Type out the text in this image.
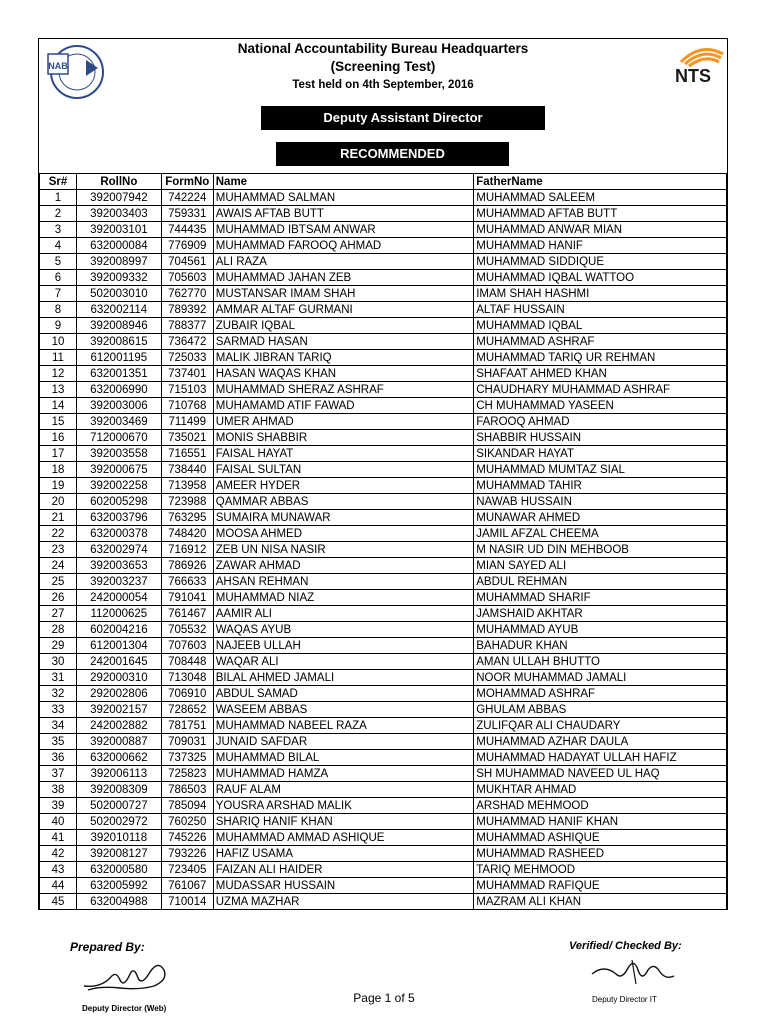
NAB
National Accountability Bureau Headquarters
(Screening Test)
Test held on 4th September, 2016	NTS
Deputy Assistant Director
RECOMMENDED
Sr#	RollNo	FormNo	Name	FatherName
1	392007942	742224	MUHAMMAD SALMAN	MUHAMMAD SALEEM
2	392003403	759331	AWAIS AFTAB BUTT	MUHAMMAD AFTAB BUTT
3	392003101	744435	MUHAMMAD IBTSAM ANWAR	MUHAMMAD ANWAR MIAN
4	632000084	776909	MUHAMMAD FAROOQ AHMAD	MUHAMMAD HANIF
5	392008997	704561	ALI RAZA	MUHAMMAD SIDDIQUE
6	392009332	705603	MUHAMMAD JAHAN ZEB	MUHAMMAD IQBAL WATTOO
7	502003010	762770	MUSTANSAR IMAM SHAH	IMAM SHAH HASHMI
8	632002114	789392	AMMAR ALTAF GURMANI	ALTAF HUSSAIN
9	392008946	788377	ZUBAIR IQBAL	MUHAMMAD IQBAL
10	392008615	736472	SARMAD HASAN	MUHAMMAD ASHRAF
11	612001195	725033	MALIK JIBRAN TARIQ	MUHAMMAD TARIQ UR REHMAN
12	632001351	737401	HASAN WAQAS KHAN	SHAFAAT AHMED KHAN
13	632006990	715103	MUHAMMAD SHERAZ ASHRAF	CHAUDHARY MUHAMMAD ASHRAF
14	392003006	710768	MUHAMAMD ATIF FAWAD	CH MUHAMMAD YASEEN
15	392003469	711499	UMER AHMAD	FAROOQ AHMAD
16	712000670	735021	MONIS SHABBIR	SHABBIR HUSSAIN
17	392003558	716551	FAISAL HAYAT	SIKANDAR HAYAT
18	392000675	738440	FAISAL SULTAN	MUHAMMAD MUMTAZ SIAL
19	392002258	713958	AMEER HYDER	MUHAMMAD TAHIR
20	602005298	723988	QAMMAR ABBAS	NAWAB HUSSAIN
21	632003796	763295	SUMAIRA MUNAWAR	MUNAWAR AHMED
22	632000378	748420	MOOSA AHMED	JAMIL AFZAL CHEEMA
23	632002974	716912	ZEB UN NISA NASIR	M NASIR UD DIN MEHBOOB
24	392003653	786926	ZAWAR AHMAD	MIAN SAYED ALI
25	392003237	766633	AHSAN REHMAN	ABDUL REHMAN
26	242000054	791041	MUHAMMAD NIAZ	MUHAMMAD SHARIF
27	112000625	761467	AAMIR ALI	JAMSHAID AKHTAR
28	602004216	705532	WAQAS AYUB	MUHAMMAD AYUB
29	612001304	707603	NAJEEB ULLAH	BAHADUR KHAN
30	242001645	708448	WAQAR ALI	AMAN ULLAH BHUTTO
31	292000310	713048	BILAL AHMED JAMALI	NOOR MUHAMMAD JAMALI
32	292002806	706910	ABDUL SAMAD	MOHAMMAD ASHRAF
33	392002157	728652	WASEEM ABBAS	GHULAM ABBAS
34	242002882	781751	MUHAMMAD NABEEL RAZA	ZULIFQAR ALI CHAUDARY
35	392000887	709031	JUNAID SAFDAR	MUHAMMAD AZHAR DAULA
36	632000662	737325	MUHAMMAD BILAL	MUHAMMAD HADAYAT ULLAH HAFIZ
37	392006113	725823	MUHAMMAD HAMZA	SH MUHAMMAD NAVEED UL HAQ
38	392008309	786503	RAUF ALAM	MUKHTAR AHMAD
39	502000727	785094	YOUSRA ARSHAD MALIK	ARSHAD MEHMOOD
40	502002972	760250	SHARIQ HANIF KHAN	MUHAMMAD HANIF KHAN
41	392010118	745226	MUHAMMAD AMMAD ASHIQUE	MUHAMMAD ASHIQUE
42	392008127	793226	HAFIZ USAMA	MUHAMMAD RASHEED
43	632000580	723405	FAIZAN ALI HAIDER	TARIQ MEHMOOD
44	632005992	761067	MUDASSAR HUSSAIN	MUHAMMAD RAFIQUE
45	632004988	710014	UZMA MAZHAR	MAZRAM ALI KHAN
Prepared By:
Deputy Director (Web)
Page 1 of 5
Verified/ Checked By:
Deputy Director IT
